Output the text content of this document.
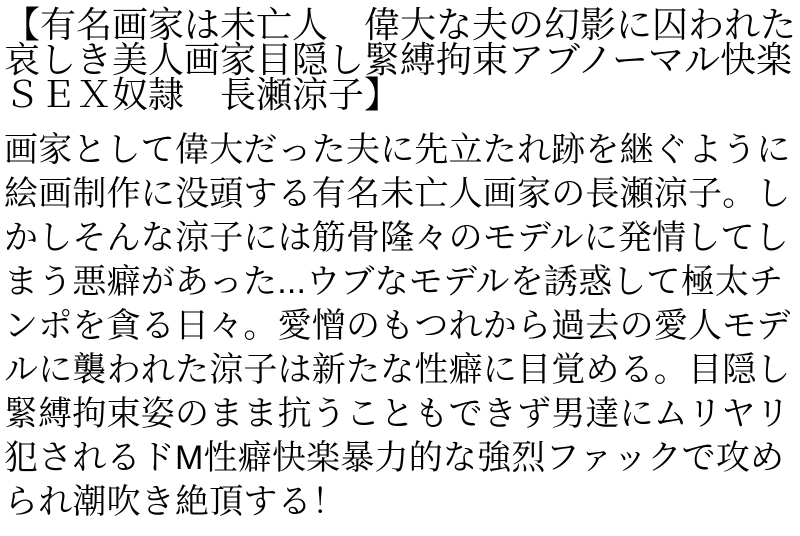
【有名画家は未亡人　偉大な夫の幻影に囚われた
哀しき美人画家目隠し緊縛拘束アブノーマル快楽
ＳＥＸ奴隷　長瀬涼子】
画家として偉大だった夫に先立たれ跡を継ぐように
絵画制作に没頭する有名未亡人画家の長瀬涼子。し
かしそんな涼子には筋骨隆々のモデルに発情してし
まう悪癖があった...ウブなモデルを誘惑して極太チ
ンポを貪る日々。愛憎のもつれから過去の愛人モデ
ルに襲われた涼子は新たな性癖に目覚める。目隠し
緊縛拘束姿のまま抗うこともできず男達にムリヤリ
犯されるドM性癖快楽暴力的な強烈ファックで攻め
られ潮吹き絶頂する！
